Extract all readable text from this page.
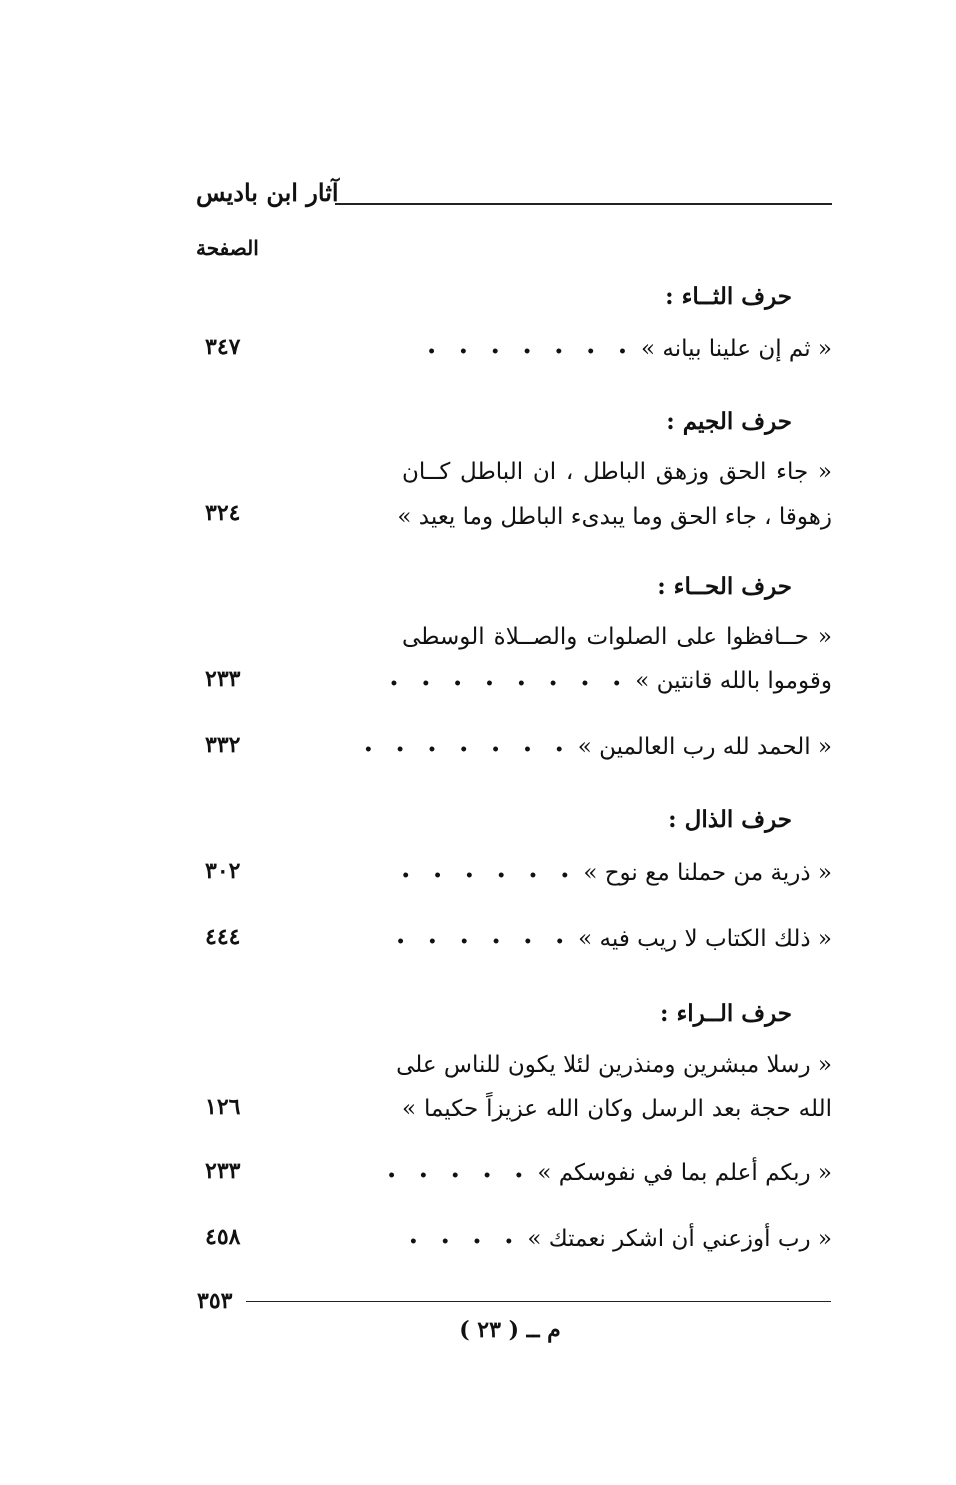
آثار ابن باديس
الصفحة
حرف الثــاء :
« ثم إن علينا بيانه »• • • • • • •
٣٤٧
حرف الجيم :
« جاء الحق وزهق الباطل ، ان الباطل كــان
زهوقا ، جاء الحق وما يبدىء الباطل وما يعيد »
٣٢٤
حرف الحــاء :
« حــافظوا على الصلوات والصــلاة الوسطى
وقوموا بالله قانتين »• • • • • • • •
٢٣٣
« الحمد لله رب العالمين »• • • • • • •
٣٣٢
حرف الذال :
« ذرية من حملنا مع نوح »• • • • • •
٣٠٢
« ذلك الكتاب لا ريب فيه »• • • • • •
٤٤٤
حرف الــراء :
« رسلا مبشرين ومنذرين لئلا يكون للناس على
الله حجة بعد الرسل وكان الله عزيزاً حكيما »
١٢٦
« ربكم أعلم بما في نفوسكم »• • • • •
٢٣٣
« رب أوزعني أن اشكر نعمتك »• • • •
٤٥٨
٣٥٣
م ــ ( ٢٣ )
